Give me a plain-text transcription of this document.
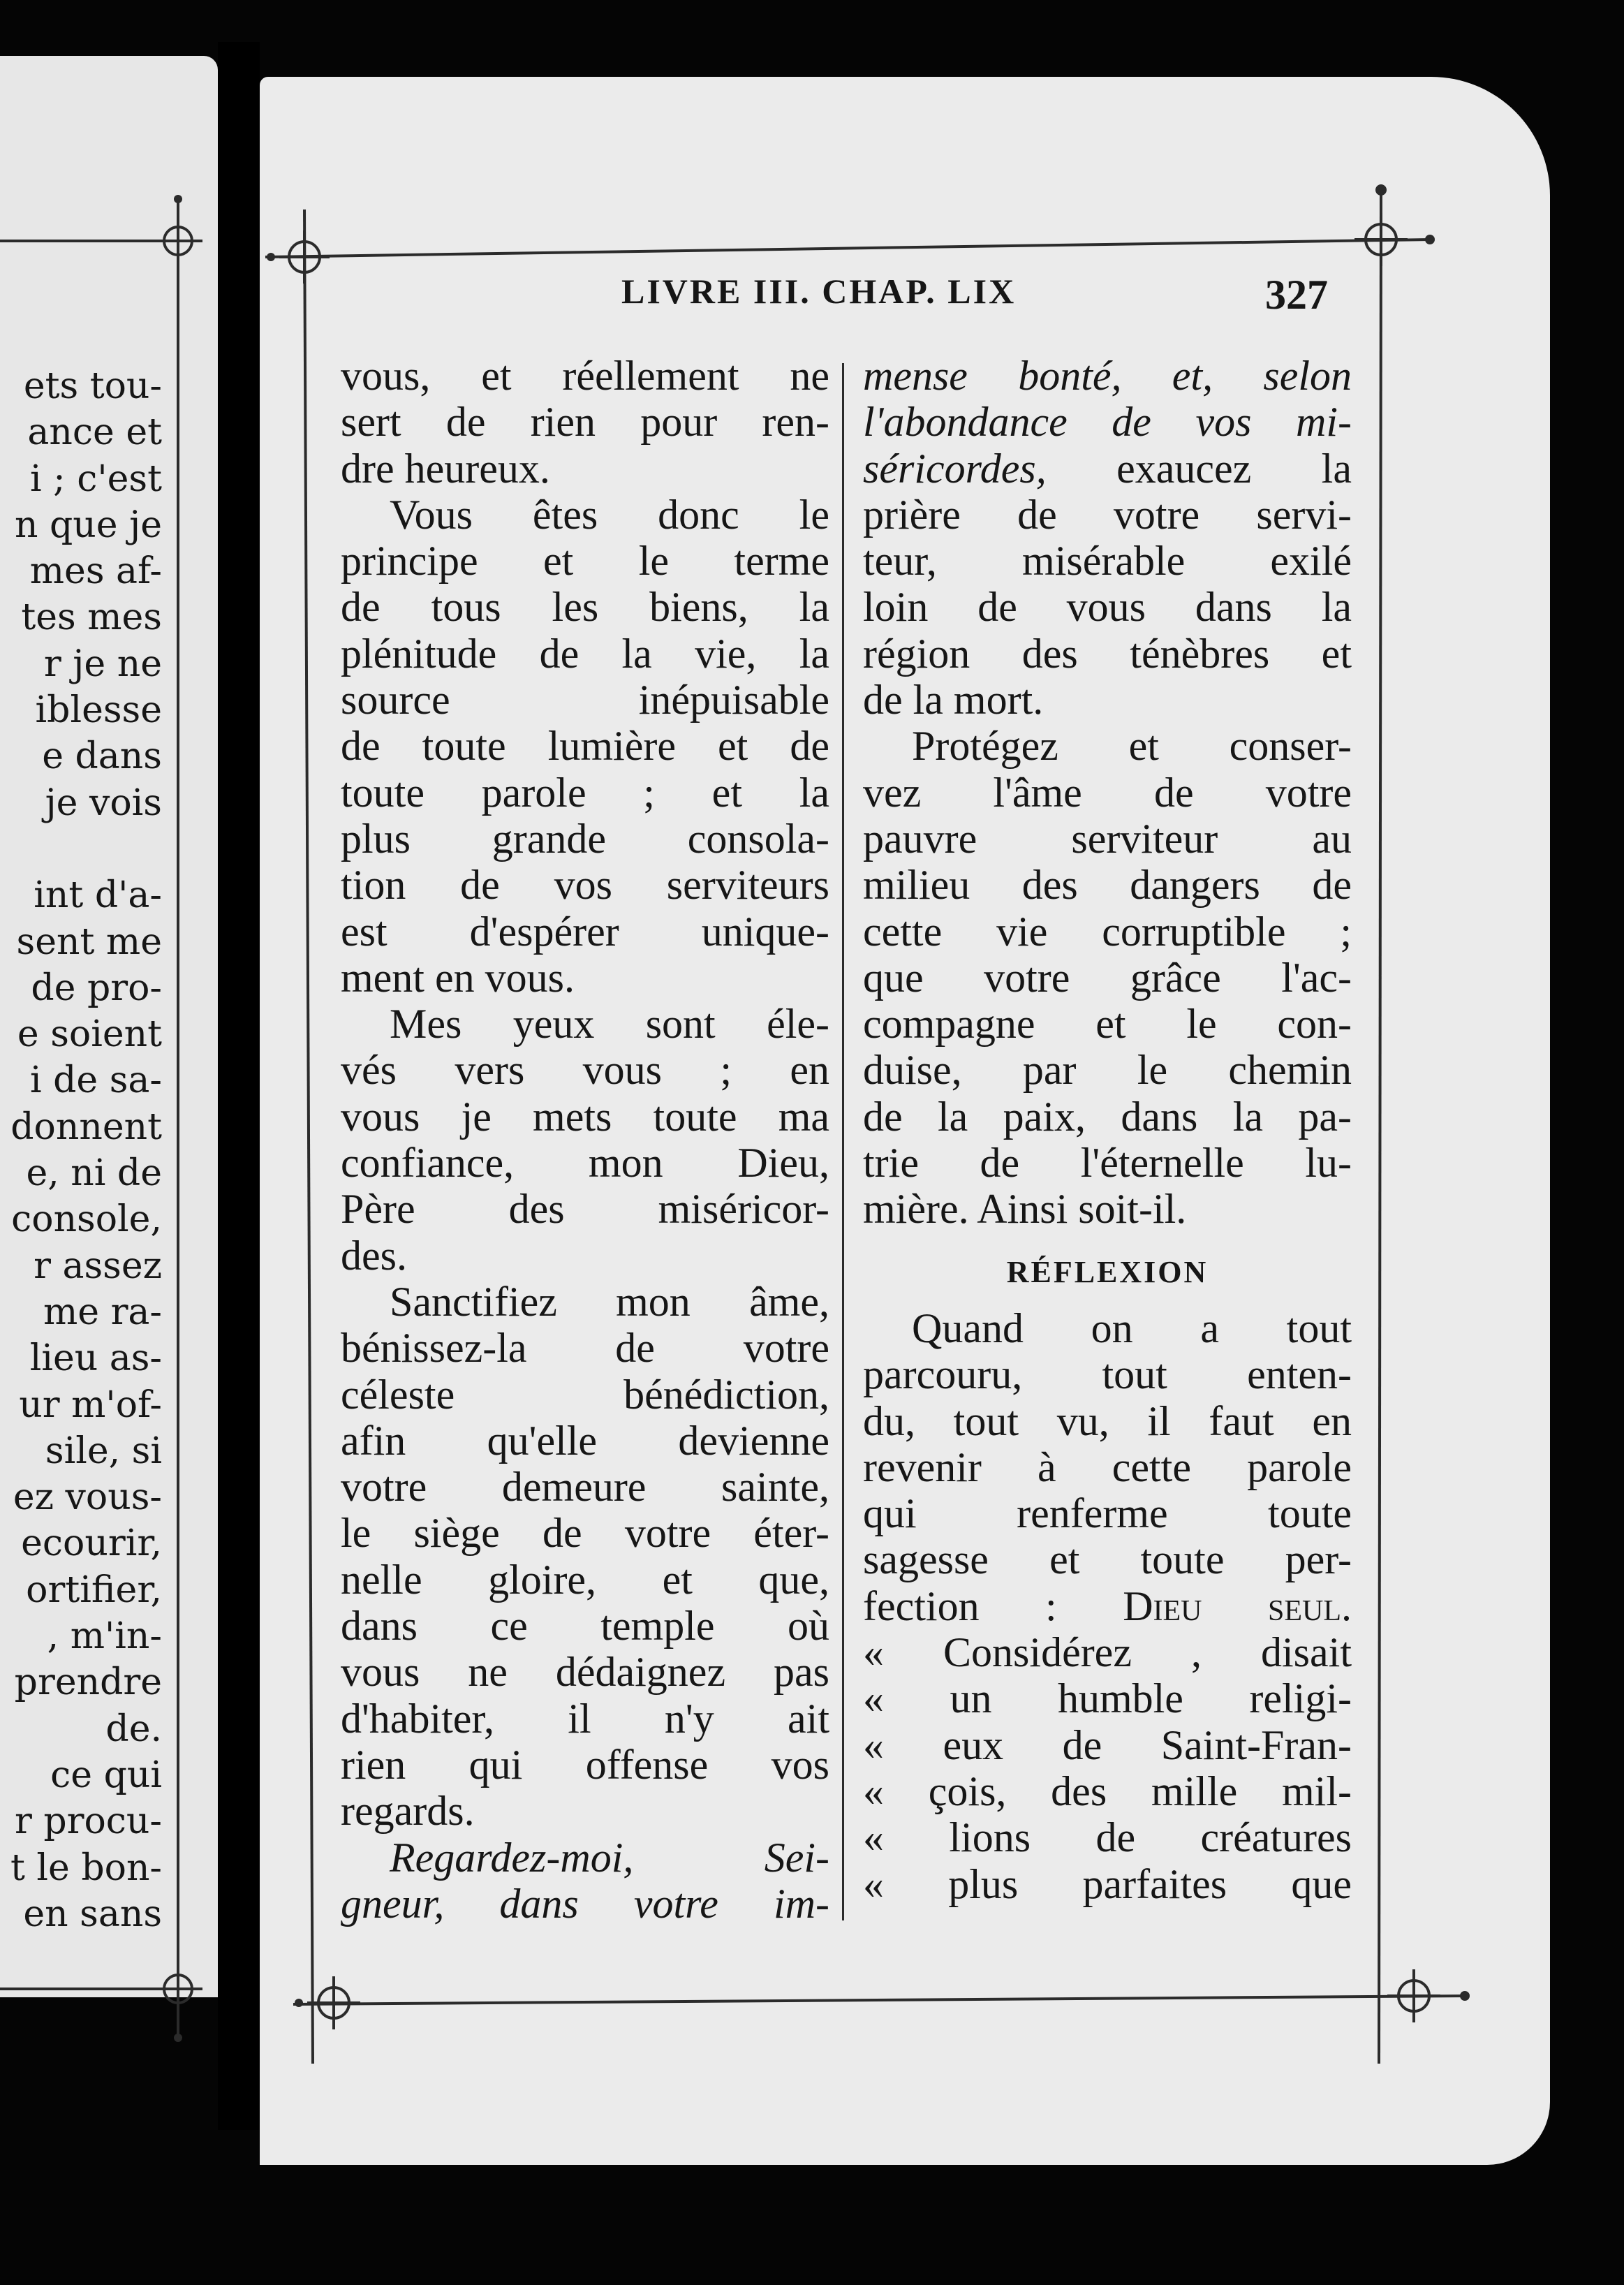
ets tou-
ance et
i ; c'est
n que je
mes af-
tes mes
r je ne
iblesse
e dans
je vois
int d'a-
sent me
de pro-
e soient
i de sa-
donnent
e, ni de
console,
r assez
me ra-
lieu as-
ur m'of-
sile, si
ez vous-
ecourir,
ortifier,
, m'in-
prendre
de.
ce qui
r procu-
t le bon-
en sans
LIVRE III. CHAP. LIX	327
vous, et réellement ne
sert de rien pour ren-
dre heureux.
Vous êtes donc le
principe et le terme
de tous les biens, la
plénitude de la vie, la
source inépuisable
de toute lumière et de
toute parole ; et la
plus grande consola-
tion de vos serviteurs
est d'espérer unique-
ment en vous.
Mes yeux sont éle-
vés vers vous ; en
vous je mets toute ma
confiance, mon Dieu,
Père des miséricor-
des.
Sanctifiez mon âme,
bénissez-la de votre
céleste bénédiction,
afin qu'elle devienne
votre demeure sainte,
le siège de votre éter-
nelle gloire, et que,
dans ce temple où
vous ne dédaignez pas
d'habiter, il n'y ait
rien qui offense vos
regards.
Regardez-moi, Sei-
gneur, dans votre im-
mense bonté, et, selon
l'abondance de vos mi-
séricordes, exaucez la
prière de votre servi-
teur, misérable exilé
loin de vous dans la
région des ténèbres et
de la mort.
Protégez et conser-
vez l'âme de votre
pauvre serviteur au
milieu des dangers de
cette vie corruptible ;
que votre grâce l'ac-
compagne et le con-
duise, par le chemin
de la paix, dans la pa-
trie de l'éternelle lu-
mière. Ainsi soit-il.
RÉFLEXION
Quand on a tout
parcouru, tout enten-
du, tout vu, il faut en
revenir à cette parole
qui renferme toute
sagesse et toute per-
fection : Dieu seul.
« Considérez , disait
« un humble religi-
« eux de Saint-Fran-
« çois, des mille mil-
« lions de créatures
« plus parfaites que
